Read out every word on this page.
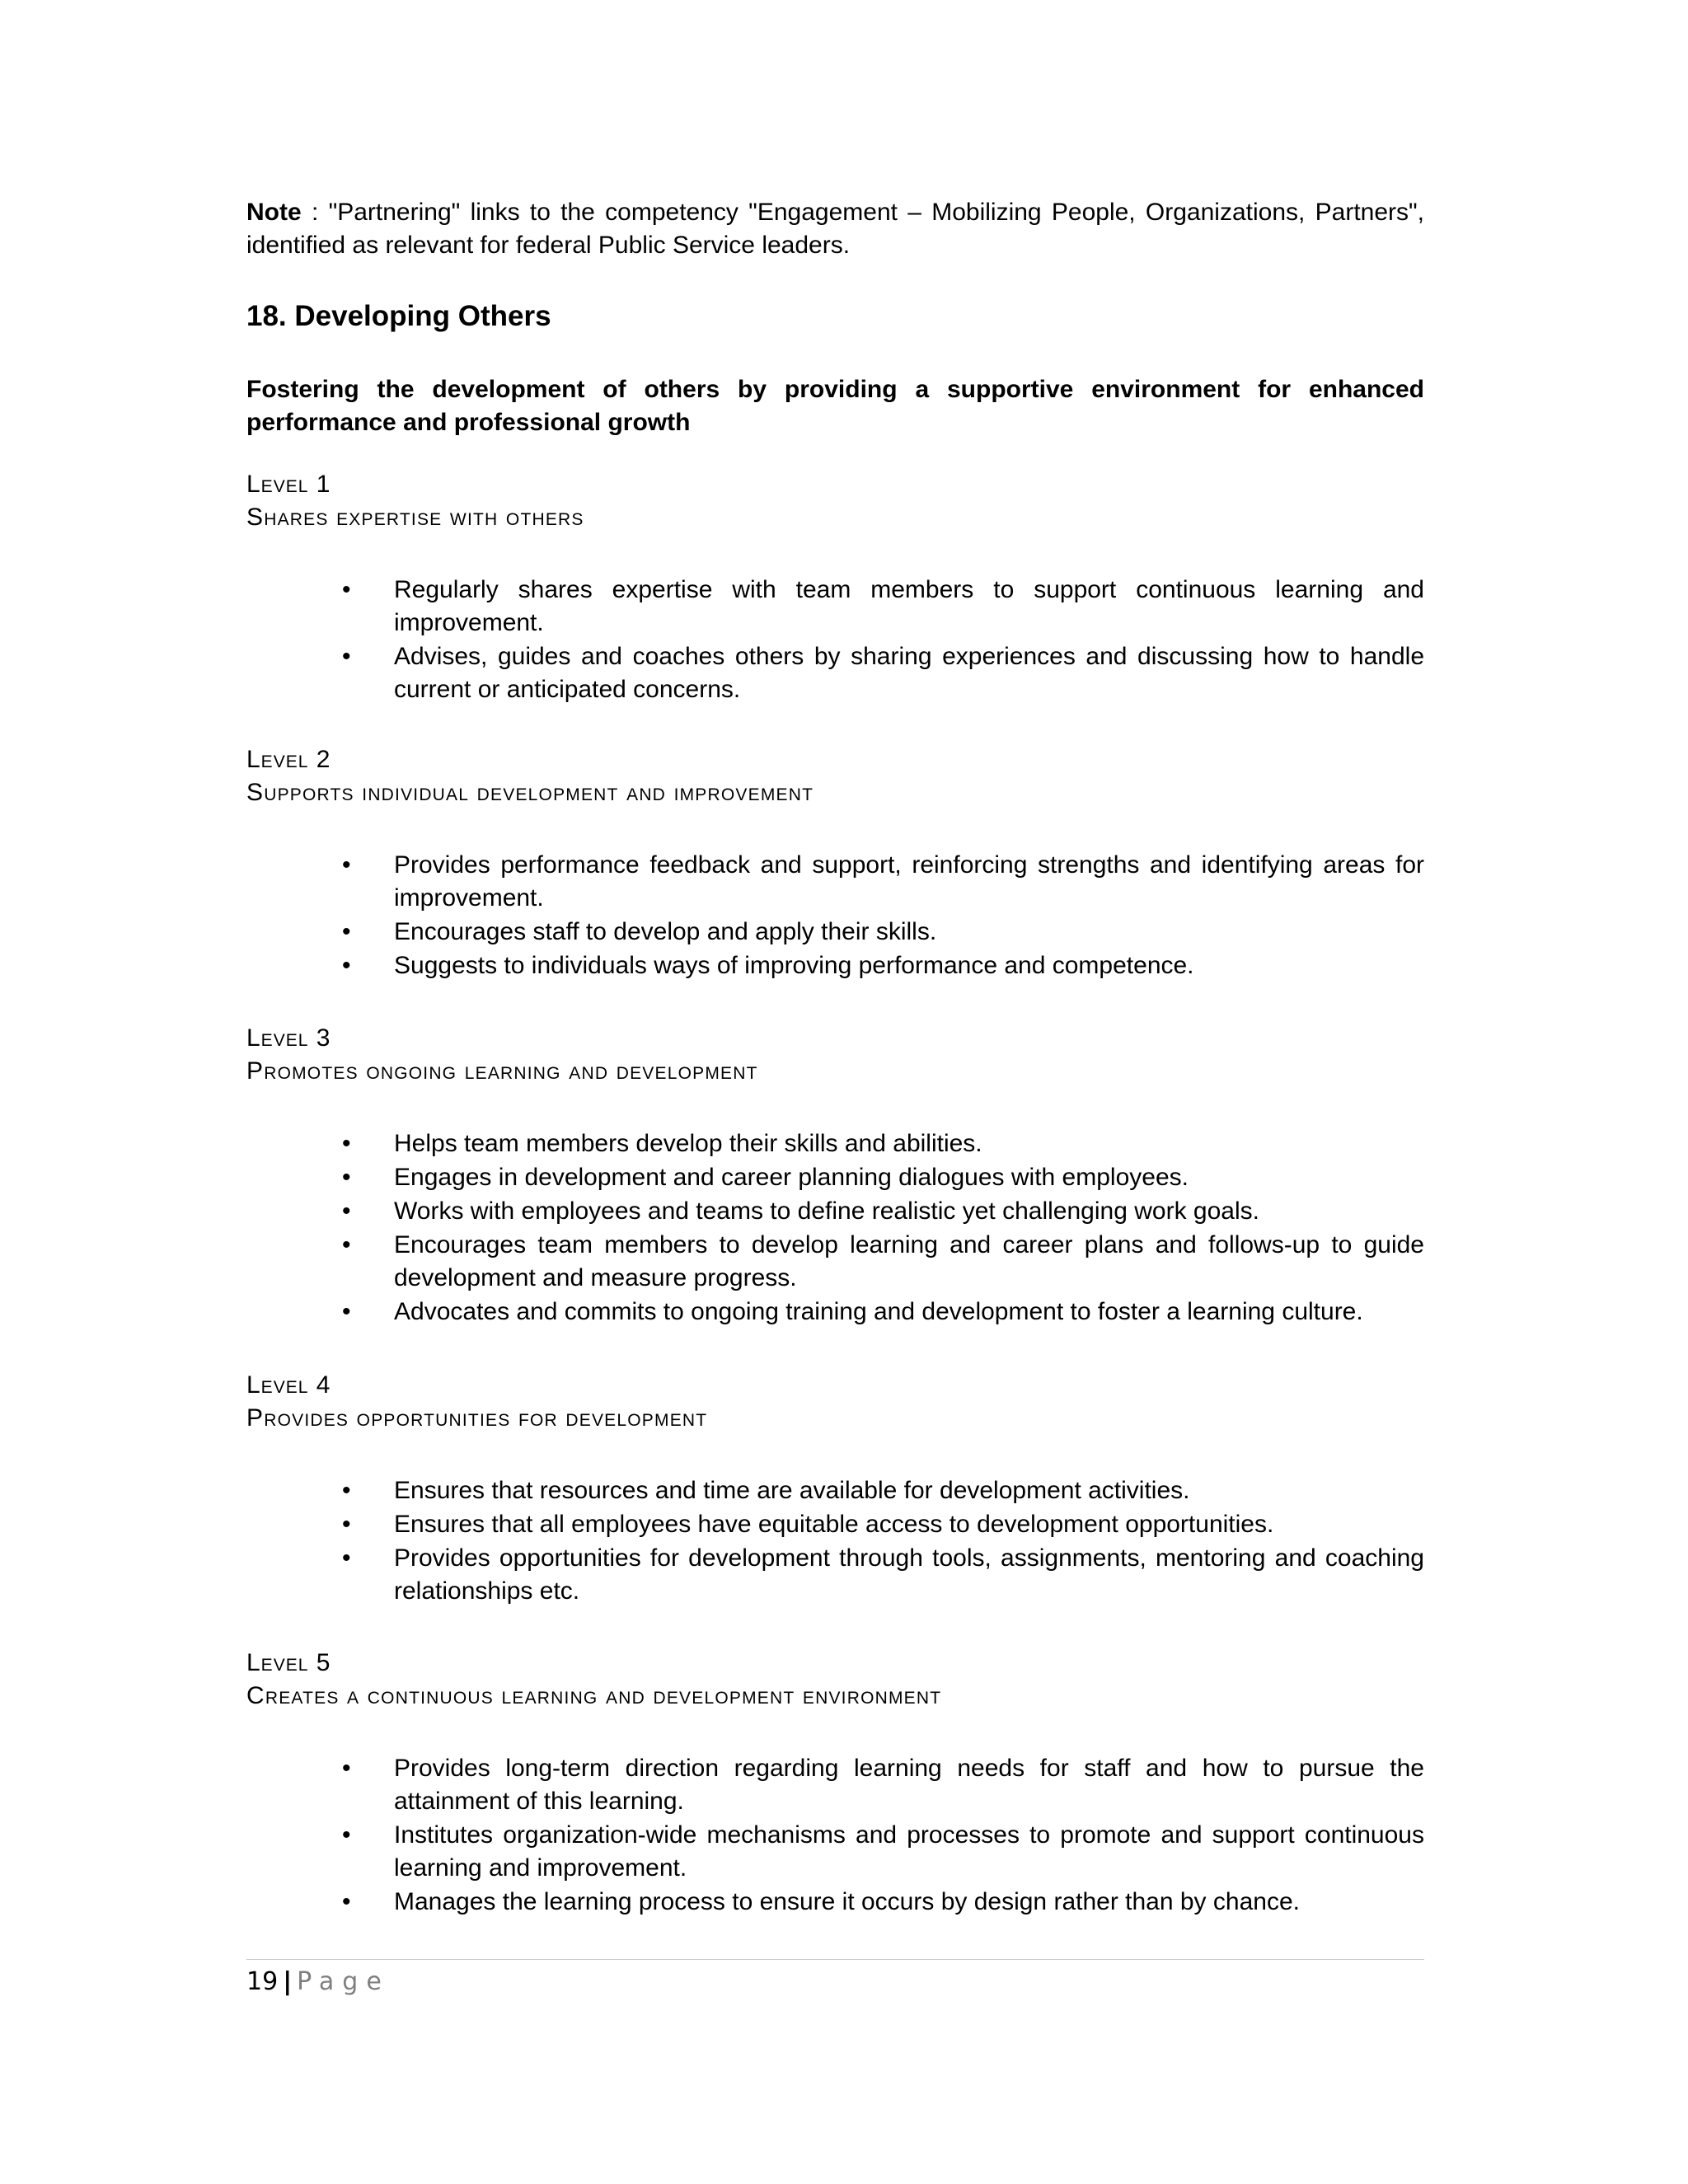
Note : "Partnering" links to the competency "Engagement – Mobilizing People, Organizations, Partners", identified as relevant for federal Public Service leaders.

18. Developing Others

Fostering the development of others by providing a supportive environment for enhanced performance and professional growth

Level 1

Shares expertise with others

• Regularly shares expertise with team members to support continuous learning and improvement.
• Advises, guides and coaches others by sharing experiences and discussing how to handle current or anticipated concerns.

Level 2

Supports individual development and improvement

• Provides performance feedback and support, reinforcing strengths and identifying areas for improvement.
• Encourages staff to develop and apply their skills.
• Suggests to individuals ways of improving performance and competence.

Level 3

Promotes ongoing learning and development

• Helps team members develop their skills and abilities.
• Engages in development and career planning dialogues with employees.
• Works with employees and teams to define realistic yet challenging work goals.
• Encourages team members to develop learning and career plans and follows-up to guide development and measure progress.
• Advocates and commits to ongoing training and development to foster a learning culture.

Level 4

Provides opportunities for development

• Ensures that resources and time are available for development activities.
• Ensures that all employees have equitable access to development opportunities.
• Provides opportunities for development through tools, assignments, mentoring and coaching relationships etc.

Level 5

Creates a continuous learning and development environment

• Provides long-term direction regarding learning needs for staff and how to pursue the attainment of this learning.
• Institutes organization-wide mechanisms and processes to promote and support continuous learning and improvement.
• Manages the learning process to ensure it occurs by design rather than by chance.
19 | Page
